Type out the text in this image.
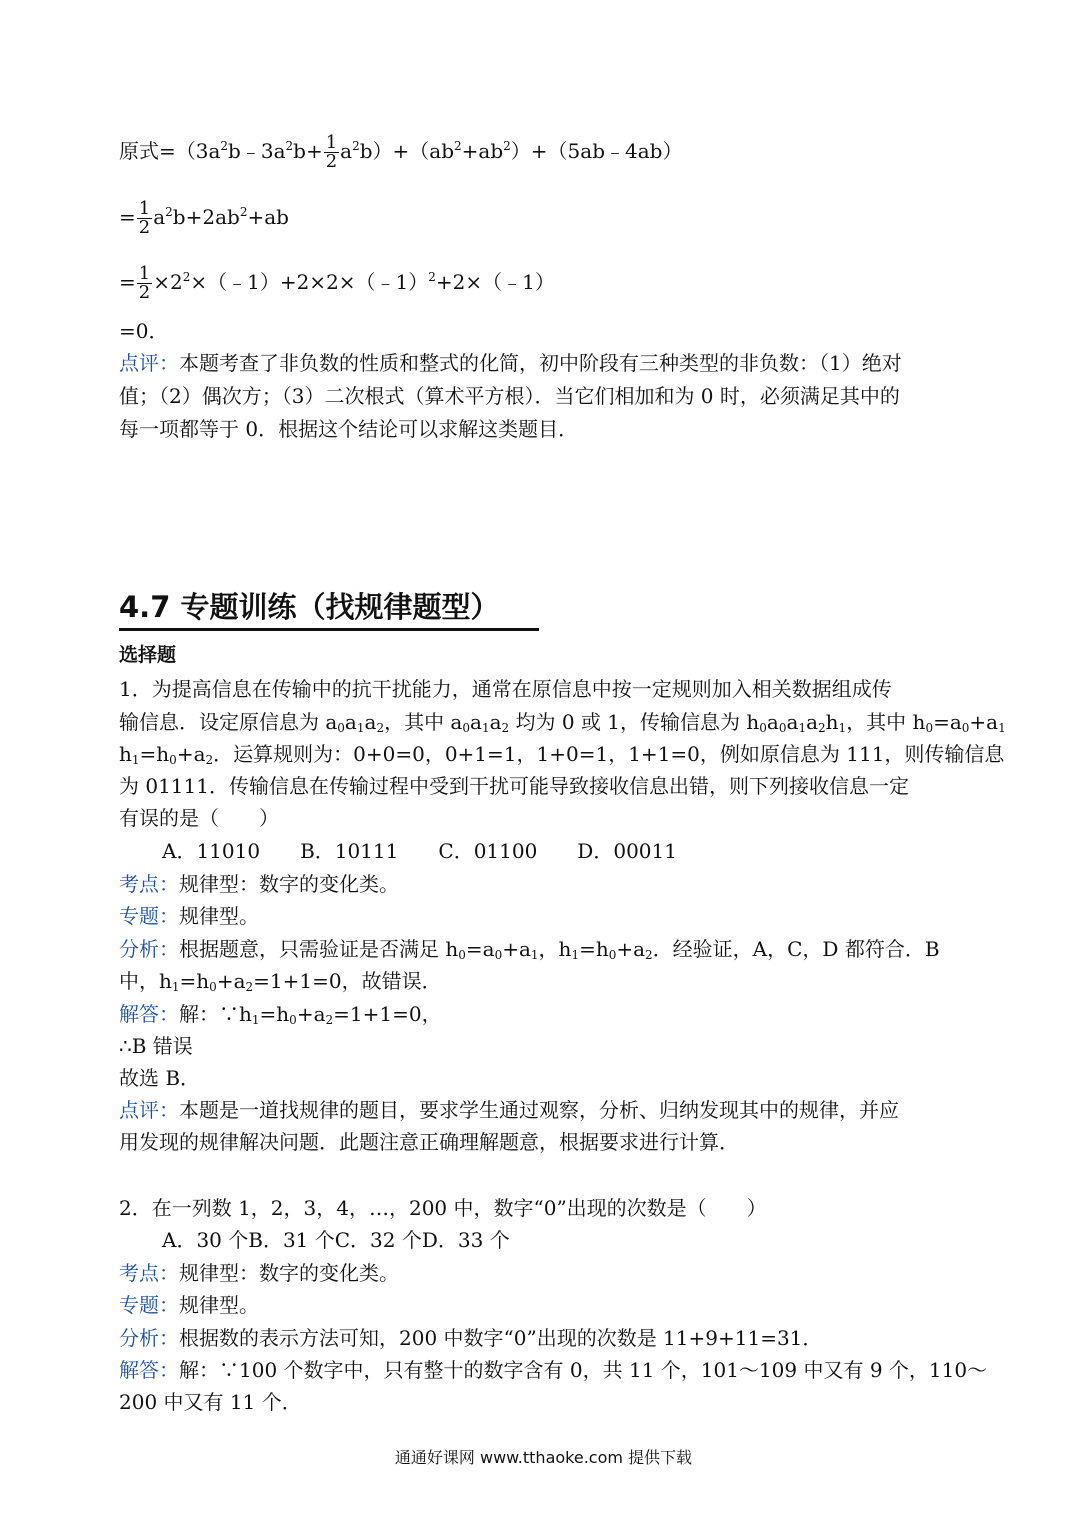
原式$=(3a^2b﹣3a^2b+ \frac{1}{2}$ $a^2b)+(ab^2+ab^2)+(5ab﹣4ab)$
= $\frac{1}{2} a^2b+2ab^2+ab$
= $\frac{1}{2}$ $\times 2^2\times(﹣1)+2\times 2\times(﹣1)^2+2\times(﹣1)$
=0．
点评：本题考查了非负数的性质和整式的化简，初中阶段有三种类型的非负数：（1）绝对
值；（2）偶次方；（3）二次根式（算术平方根）．当它们相加和为 0 时，必须满足其中的
每一项都等于 0．根据这个结论可以求解这类题目．
4.7 专题训练（找规律题型）
选择题
1．为提高信息在传输中的抗干扰能力，通常在原信息中按一定规则加入相关数据组成传
输信息．设定原信息为 $a_0a_1a_2$，其中 $a_0a_1a_2$ 均为 0 或 1，传输信息为 $h_0a_0a_1a_2h_1$，其中 $h_0=a_0+a_1$
$h_1=h_0+a_2$．运算规则为：0+0=0，0+1=1，1+0=1，1+1=0，例如原信息为 111，则传输信息
为 01111．传输信息在传输过程中受到干扰可能导致接收信息出错，则下列接收信息一定
有误的是（　　）
A．11010　　B．10111　　C．01100　　D．00011
考点：规律型：数字的变化类。
专题：规律型。
分析：根据题意，只需验证是否满足 $h_0=a_0+a_1$，$h_1=h_0+a_2$．经验证，A，C，D 都符合．B
中，$h_1=h_0+a_2=1+1=0$，故错误．
解答：解：$\because h_1=h_0+a_2=1+1=0$，
∴B 错误
故选 B．
点评：本题是一道找规律的题目，要求学生通过观察，分析、归纳发现其中的规律，并应
用发现的规律解决问题．此题注意正确理解题意，根据要求进行计算．
2．在一列数 1，2，3，4，…，200 中，数字“0”出现的次数是（　　）
A．30 个B．31 个C．32 个D．33 个
考点：规律型：数字的变化类。
专题：规律型。
分析：根据数的表示方法可知，200 中数字“0”出现的次数是 11+9+11=31．
解答：解：∵100 个数字中，只有整十的数字含有 0，共 11 个，101～109 中又有 9 个，110～
200 中又有 11 个．
通通好课网 www.tthaoke.com 提供下载
